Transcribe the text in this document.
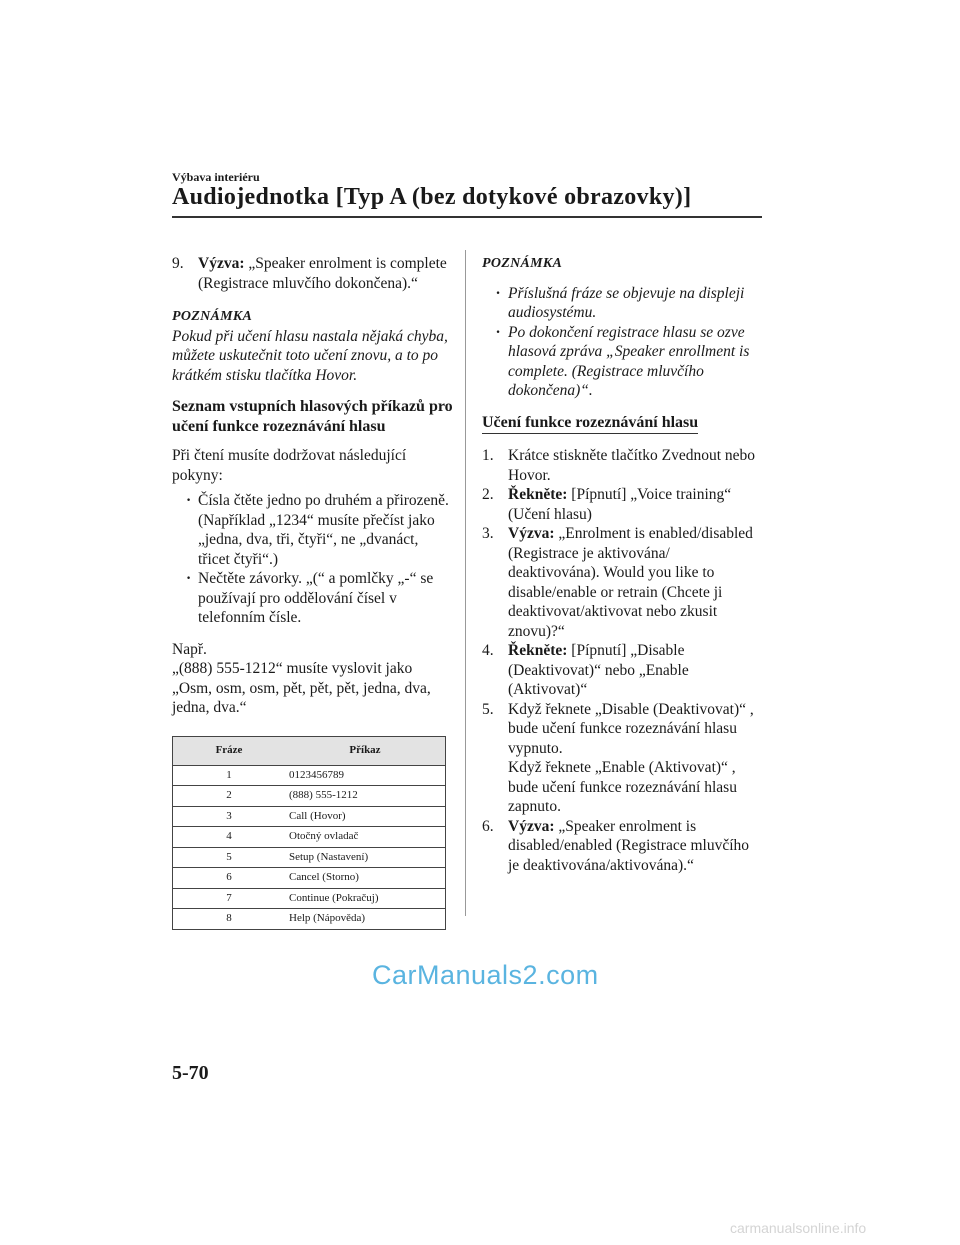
Výbava interiéru
Audiojednotka [Typ A (bez dotykové obrazovky)]
9. Výzva: „Speaker enrolment is complete (Registrace mluvčího dokončena).“
POZNÁMKA
Pokud při učení hlasu nastala nějaká chyba, můžete uskutečnit toto učení znovu, a to po krátkém stisku tlačítka Hovor.
Seznam vstupních hlasových příkazů pro učení funkce rozeznávání hlasu
Při čtení musíte dodržovat následující pokyny:
· Čísla čtěte jedno po druhém a přirozeně. (Například „1234“ musíte přečíst jako „jedna, dva, tři, čtyři“, ne „dvanáct, třicet čtyři“.)
· Nečtěte závorky. „(“ a pomlčky „-“ se používají pro oddělování čísel v telefonním čísle.
Např.
„(888) 555-1212“ musíte vyslovit jako „Osm, osm, osm, pět, pět, pět, jedna, dva, jedna, dva.“
Fráze	Příkaz
1	0123456789
2	(888) 555-1212
3	Call (Hovor)
4	Otočný ovladač
5	Setup (Nastavení)
6	Cancel (Storno)
7	Continue (Pokračuj)
8	Help (Nápověda)
POZNÁMKA
· Příslušná fráze se objevuje na displeji audiosystému.
· Po dokončení registrace hlasu se ozve hlasová zpráva „Speaker enrollment is complete. (Registrace mluvčího dokončena)“.
Učení funkce rozeznávání hlasu
1. Krátce stiskněte tlačítko Zvednout nebo Hovor.
2. Řekněte: [Pípnutí] „Voice training“ (Učení hlasu)
3. Výzva: „Enrolment is enabled/disabled (Registrace je aktivována/ deaktivována). Would you like to disable/enable or retrain (Chcete ji deaktivovat/aktivovat nebo zkusit znovu)?“
4. Řekněte: [Pípnutí] „Disable (Deaktivovat)“ nebo „Enable (Aktivovat)“
5. Když řeknete „Disable (Deaktivovat)“ , bude učení funkce rozeznávání hlasu vypnuto.
Když řeknete „Enable (Aktivovat)“ , bude učení funkce rozeznávání hlasu zapnuto.
6. Výzva: „Speaker enrolment is disabled/enabled (Registrace mluvčího je deaktivována/aktivována).“
CarManuals2.com
5-70
carmanualsonline.info
